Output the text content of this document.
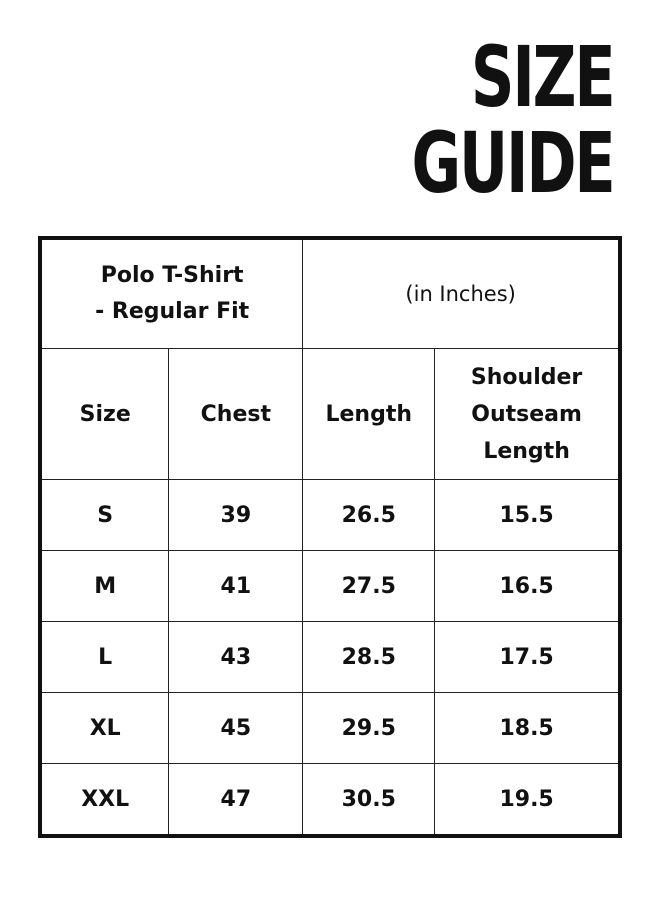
SIZE
GUIDE
Polo T-Shirt
- Regular Fit		(in Inches)	
Size	Chest	Length	Shoulder
Outseam
Length

S	39	26.5	15.5
M	41	27.5	16.5
L	43	28.5	17.5
XL	45	29.5	18.5
XXL	47	30.5	19.5
